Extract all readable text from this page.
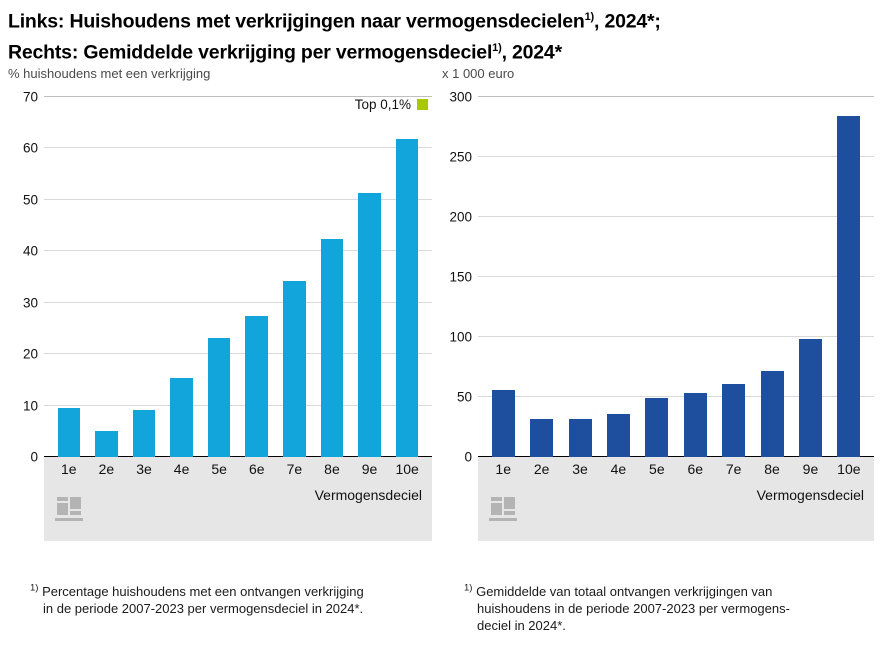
Links: Huishoudens met verkrijgingen naar vermogensdecielen$^{1)}$, 2024*;
Rechts: Gemiddelde verkrijging per vermogensdeciel$^{1)}$, 2024*
% huishoudens met een verkrijging
Top 0,1%
0
10
20
30
40
50
60
70
1e	2e	3e	4e	5e	6e	7e	8e	9e	10e
Vermogensdeciel
x 1 000 euro
0
50
100
150
200
250
300
1e	2e	3e	4e	5e	6e	7e	8e	9e	10e
Vermogensdeciel
$^{1)}$ Percentage huishoudens met een ontvangen verkrijging
in de periode 2007-2023 per vermogensdeciel in 2024*.
$^{1)}$ Gemiddelde van totaal ontvangen verkrijgingen van
huishoudens in de periode 2007-2023 per vermogens-
deciel in 2024*.
